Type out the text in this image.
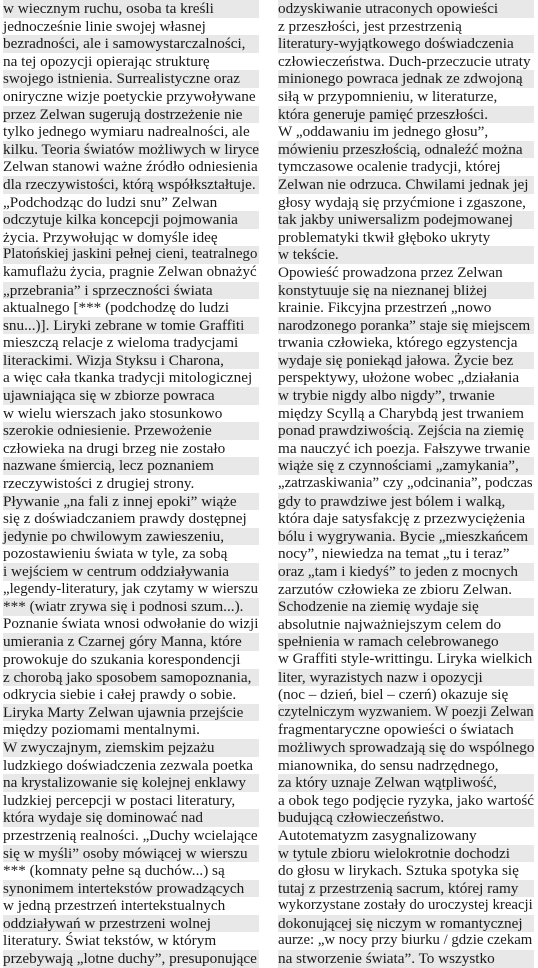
w wiecznym ruchu, osoba ta kreśli
jednocześnie linie swojej własnej
bezradności, ale i samowystarczalności,
na tej opozycji opierając strukturę
swojego istnienia. Surrealistyczne oraz
oniryczne wizje poetyckie przywoływane
przez Zelwan sugerują dostrzeżenie nie
tylko jednego wymiaru nadrealności, ale
kilku. Teoria światów możliwych w liryce
Zelwan stanowi ważne źródło odniesienia
dla rzeczywistości, którą współkształtuje.
„Podchodząc do ludzi snu” Zelwan
odczytuje kilka koncepcji pojmowania
życia. Przywołując w domyśle ideę
Platońskiej jaskini pełnej cieni, teatralnego
kamuflażu życia, pragnie Zelwan obnażyć
„przebrania” i sprzeczności świata
aktualnego [*** (podchodzę do ludzi
snu...)]. Liryki zebrane w tomie Graffiti
mieszczą relacje z wieloma tradycjami
literackimi. Wizja Styksu i Charona,
a więc cała tkanka tradycji mitologicznej
ujawniająca się w zbiorze powraca
w wielu wierszach jako stosunkowo
szerokie odniesienie. Przewożenie
człowieka na drugi brzeg nie zostało
nazwane śmiercią, lecz poznaniem
rzeczywistości z drugiej strony.
Pływanie „na fali z innej epoki” wiąże
się z doświadczaniem prawdy dostępnej
jedynie po chwilowym zawieszeniu,
pozostawieniu świata w tyle, za sobą
i wejściem w centrum oddziaływania
„legendy-literatury, jak czytamy w wierszu
*** (wiatr zrywa się i podnosi szum...).
Poznanie świata wnosi odwołanie do wizji
umierania z Czarnej góry Manna, które
prowokuje do szukania korespondencji
z chorobą jako sposobem samopoznania,
odkrycia siebie i całej prawdy o sobie.
Liryka Marty Zelwan ujawnia przejście
między poziomami mentalnymi.
W zwyczajnym, ziemskim pejzażu
ludzkiego doświadczenia zezwala poetka
na krystalizowanie się kolejnej enklawy
ludzkiej percepcji w postaci literatury,
która wydaje się dominować nad
przestrzenią realności. „Duchy wcielające
się w myśli” osoby mówiącej w wierszu
*** (komnaty pełne są duchów...) są
synonimem intertekstów prowadzących
w jedną przestrzeń intertekstualnych
oddziaływań w przestrzeni wolnej
literatury. Świat tekstów, w którym
przebywają „lotne duchy”, presuponujące
odzyskiwanie utraconych opowieści
z przeszłości, jest przestrzenią
literatury-wyjątkowego doświadczenia
człowieczeństwa. Duch-przeczucie utraty
minionego powraca jednak ze zdwojoną
siłą w przypomnieniu, w literaturze,
która generuje pamięć przeszłości.
W „oddawaniu im jednego głosu”,
mówieniu przeszłością, odnaleźć można
tymczasowe ocalenie tradycji, której
Zelwan nie odrzuca. Chwilami jednak jej
głosy wydają się przyćmione i zgaszone,
tak jakby uniwersalizm podejmowanej
problematyki tkwił głęboko ukryty
w tekście.
Opowieść prowadzona przez Zelwan
konstytuuje się na nieznanej bliżej
krainie. Fikcyjna przestrzeń „nowo
narodzonego poranka” staje się miejscem
trwania człowieka, którego egzystencja
wydaje się poniekąd jałowa. Życie bez
perspektywy, ułożone wobec „działania
w trybie nigdy albo nigdy”, trwanie
między Scyllą a Charybdą jest trwaniem
ponad prawdziwością. Zejścia na ziemię
ma nauczyć ich poezja. Fałszywe trwanie
wiąże się z czynnościami „zamykania”,
„zatrzaskiwania” czy „odcinania”, podczas
gdy to prawdziwe jest bólem i walką,
która daje satysfakcję z przezwyciężenia
bólu i wygrywania. Bycie „mieszkańcem
nocy”, niewiedza na temat „tu i teraz”
oraz „tam i kiedyś” to jeden z mocnych
zarzutów człowieka ze zbioru Zelwan.
Schodzenie na ziemię wydaje się
absolutnie najważniejszym celem do
spełnienia w ramach celebrowanego
w Graffiti style-writtingu. Liryka wielkich
liter, wyrazistych nazw i opozycji
(noc – dzień, biel – czerń) okazuje się
czytelniczym wyzwaniem. W poezji Zelwan
fragmentaryczne opowieści o światach
możliwych sprowadzają się do wspólnego
mianownika, do sensu nadrzędnego,
za który uznaje Zelwan wątpliwość,
a obok tego podjęcie ryzyka, jako wartość
budującą człowieczeństwo.
Autotematyzm zasygnalizowany
w tytule zbioru wielokrotnie dochodzi
do głosu w lirykach. Sztuka spotyka się
tutaj z przestrzenią sacrum, której ramy
wykorzystane zostały do uroczystej kreacji
dokonującej się niczym w romantycznej
aurze: „w nocy przy biurku / gdzie czekam
na stworzenie świata”. To wszystko
